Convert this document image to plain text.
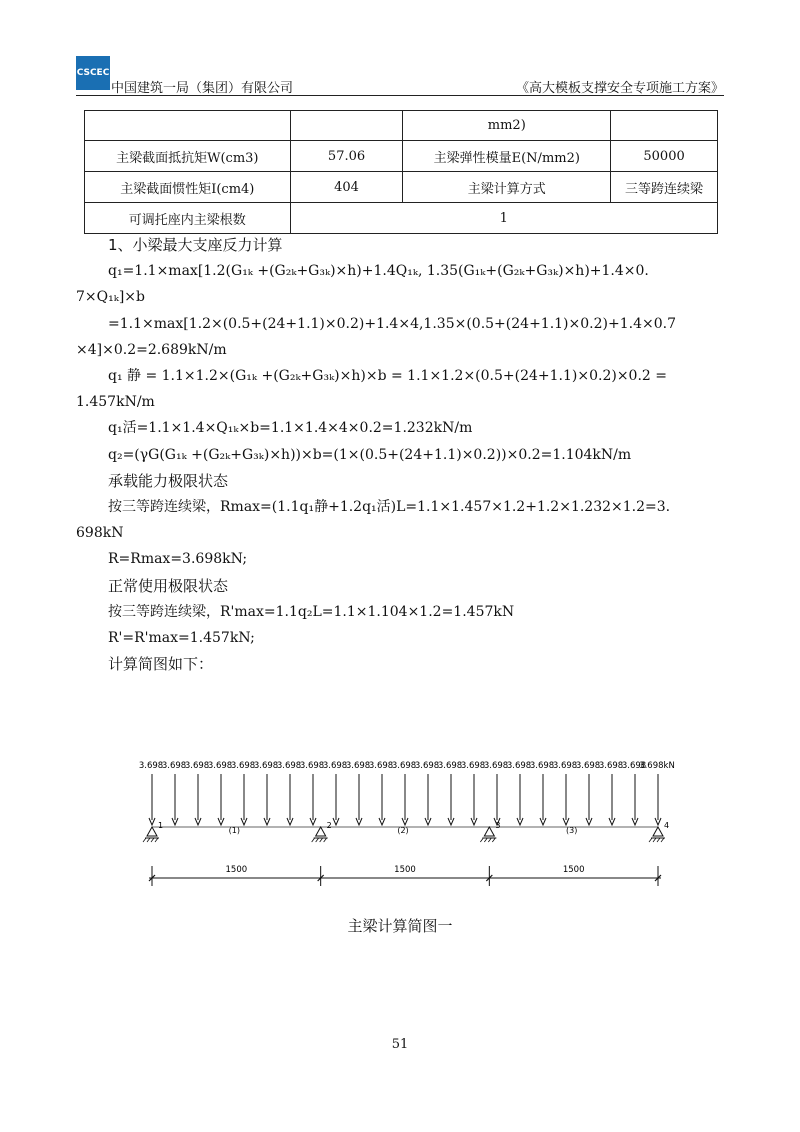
CSCEC
中国建筑一局（集团）有限公司	《高大模板支撑安全专项施工方案》
		mm2)	
主梁截面抵抗矩W(cm3)	57.06	主梁弹性模量E(N/mm2)	50000
主梁截面惯性矩I(cm4)	404	主梁计算方式	三等跨连续梁
可调托座内主梁根数	1		
1、小梁最大支座反力计算
q₁=1.1×max[1.2(G₁ₖ +(G₂ₖ+G₃ₖ)×h)+1.4Q₁ₖ, 1.35(G₁ₖ+(G₂ₖ+G₃ₖ)×h)+1.4×0.
7×Q₁ₖ]×b
=1.1×max[1.2×(0.5+(24+1.1)×0.2)+1.4×4,1.35×(0.5+(24+1.1)×0.2)+1.4×0.7
×4]×0.2=2.689kN/m
q₁ 静 = 1.1×1.2×(G₁ₖ +(G₂ₖ+G₃ₖ)×h)×b = 1.1×1.2×(0.5+(24+1.1)×0.2)×0.2 =
1.457kN/m
q₁活=1.1×1.4×Q₁ₖ×b=1.1×1.4×4×0.2=1.232kN/m
q₂=(γG(G₁ₖ +(G₂ₖ+G₃ₖ)×h))×b=(1×(0.5+(24+1.1)×0.2))×0.2=1.104kN/m
承载能力极限状态
按三等跨连续梁，Rmax=(1.1q₁静+1.2q₁活)L=1.1×1.457×1.2+1.2×1.232×1.2=3.
698kN
R=Rmax=3.698kN;
正常使用极限状态
按三等跨连续梁，R'max=1.1q₂L=1.1×1.104×1.2=1.457kN
R'=R'max=1.457kN;
计算简图如下：
3.698
3.698
3.698
3.698
3.698
3.698
3.698
3.698
3.698
3.698
3.698
3.698
3.698
3.698
3.698
3.698
3.698
3.698
3.698
3.698
3.698
3.698
3.698kN
1	2	3	4
(1)	(2)	(3)
1500	1500	1500
主梁计算简图一
51
